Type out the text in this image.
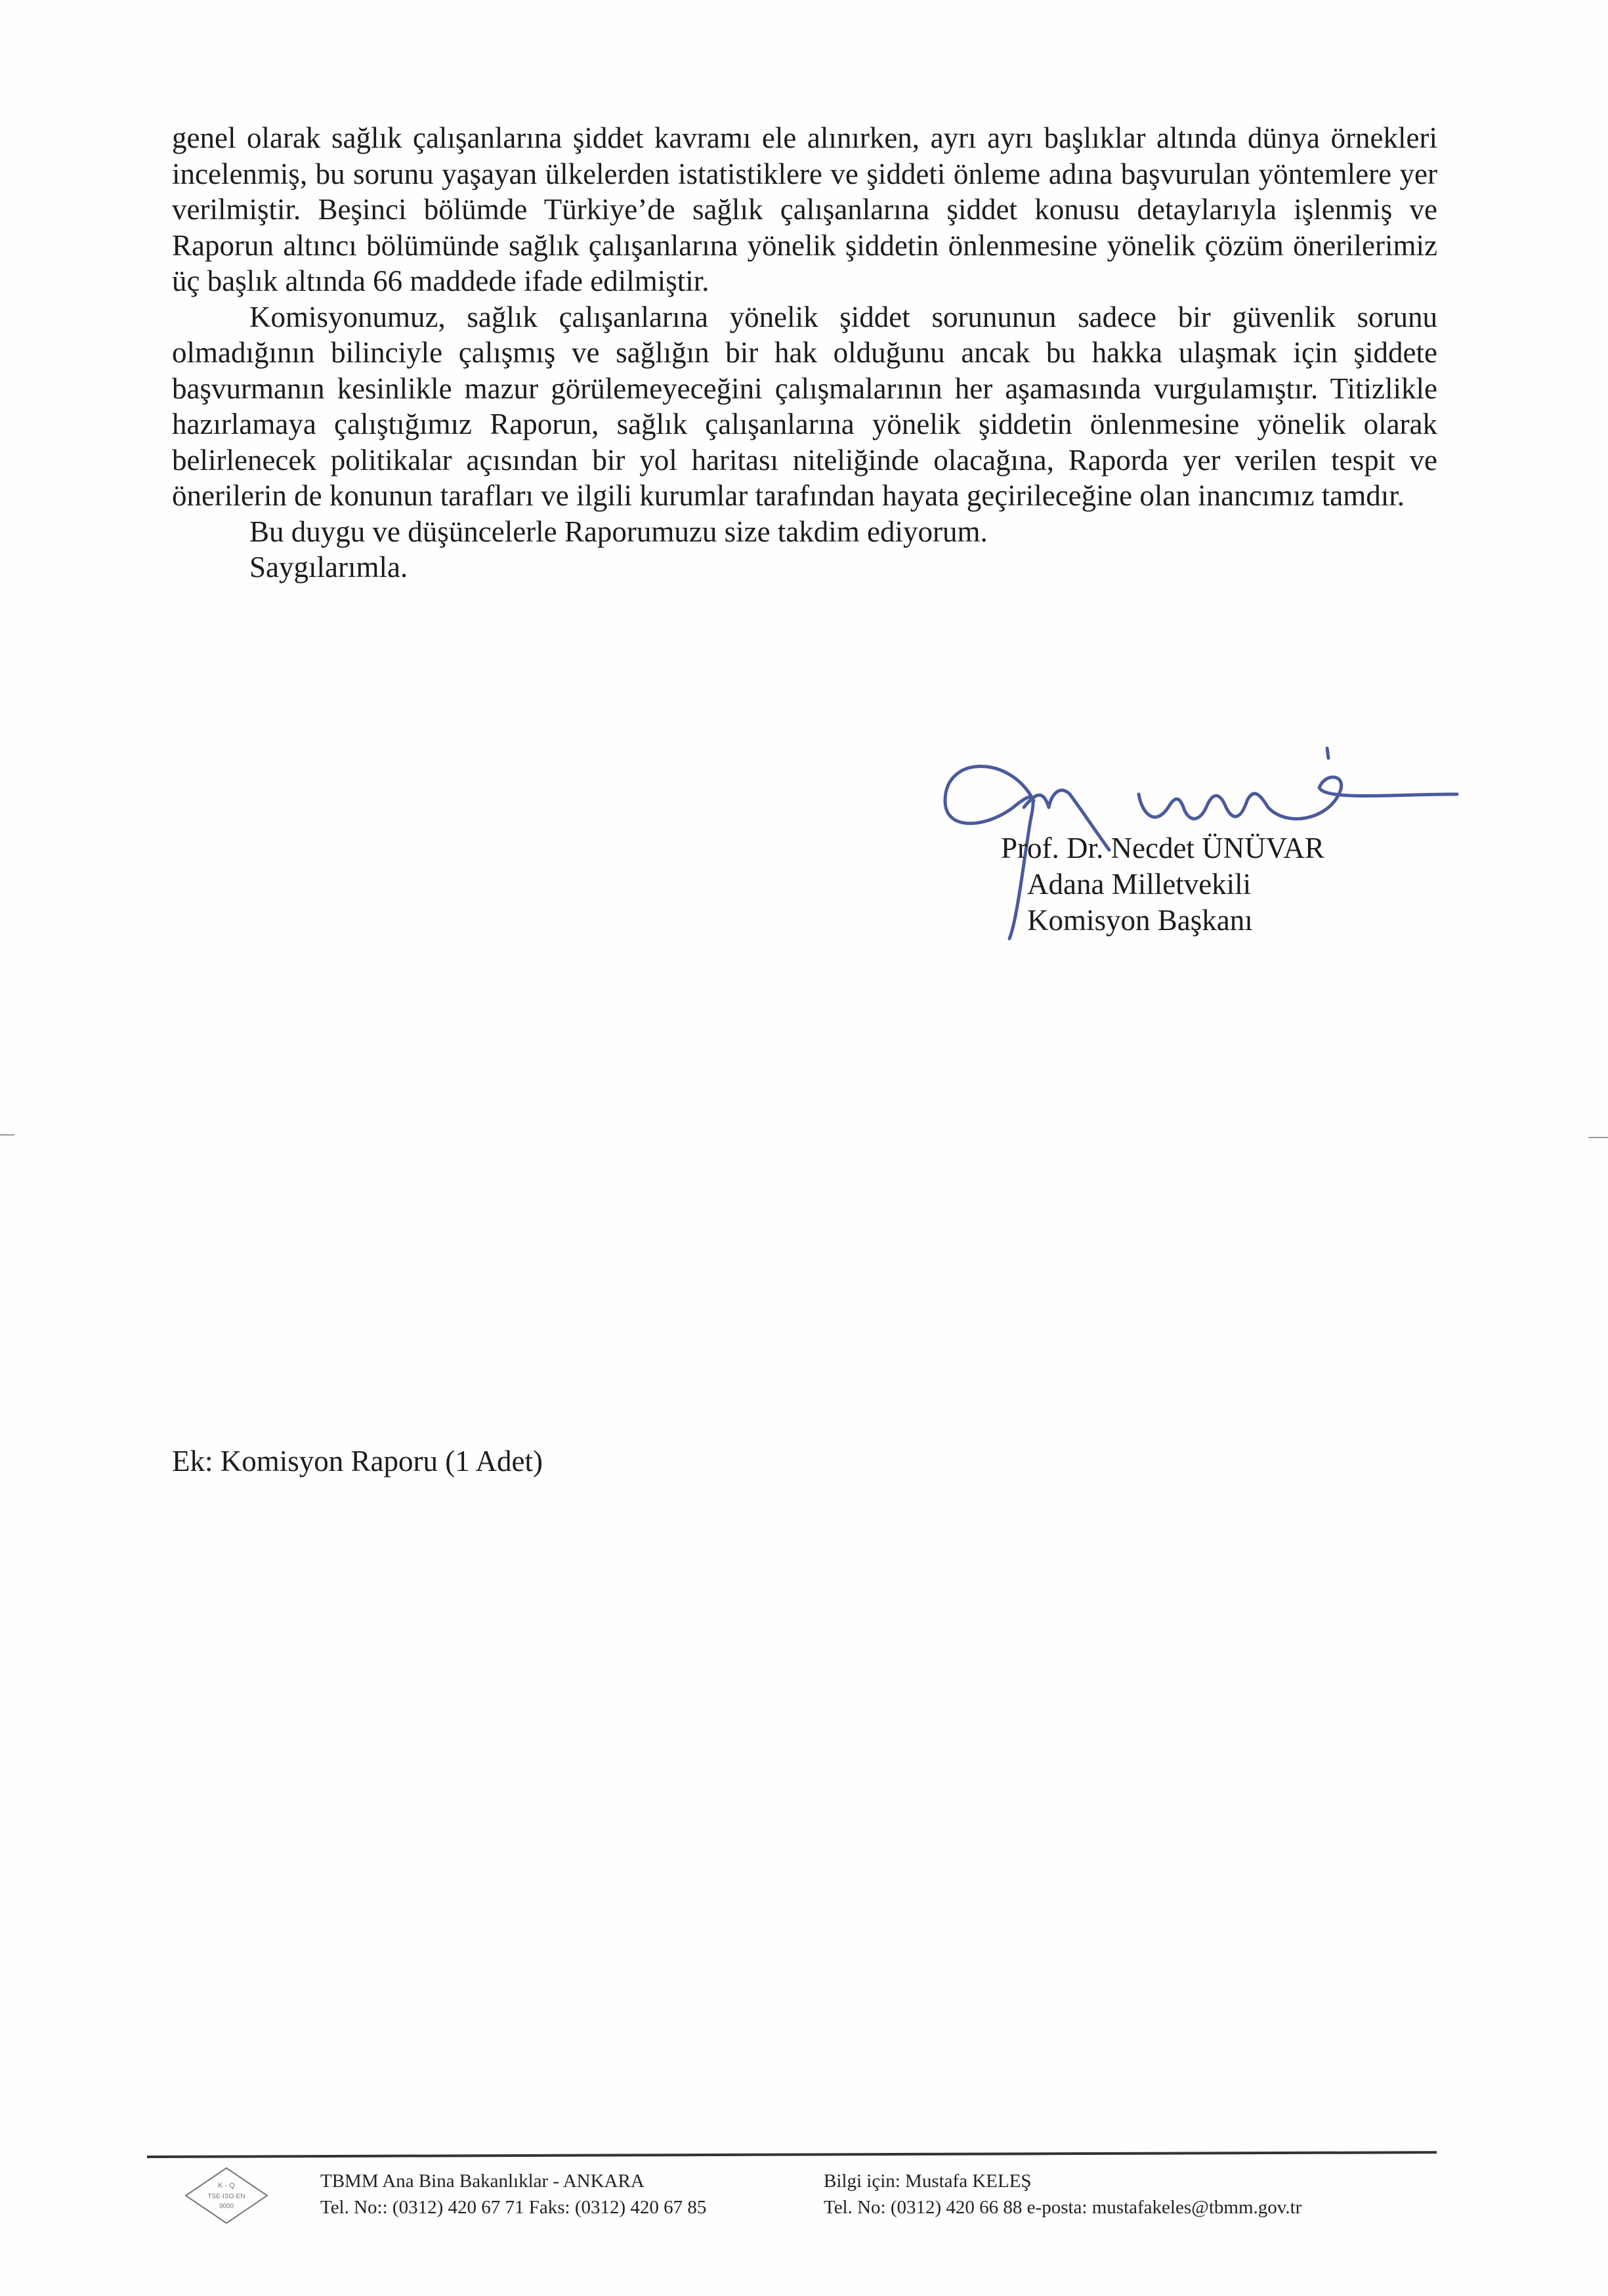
genel olarak sağlık çalışanlarına şiddet kavramı ele alınırken, ayrı ayrı başlıklar altında dünya örnekleri incelenmiş, bu sorunu yaşayan ülkelerden istatistiklere ve şiddeti önleme adına başvurulan yöntemlere yer verilmiştir. Beşinci bölümde Türkiye’de sağlık çalışanlarına şiddet konusu detaylarıyla işlenmiş ve Raporun altıncı bölümünde sağlık çalışanlarına yönelik şiddetin önlenmesine yönelik çözüm önerilerimiz üç başlık altında 66 maddede ifade edilmiştir.

Komisyonumuz, sağlık çalışanlarına yönelik şiddet sorununun sadece bir güvenlik sorunu olmadığının bilinciyle çalışmış ve sağlığın bir hak olduğunu ancak bu hakka ulaşmak için şiddete başvurmanın kesinlikle mazur görülemeyeceğini çalışmalarının her aşamasında vurgulamıştır. Titizlikle hazırlamaya çalıştığımız Raporun, sağlık çalışanlarına yönelik şiddetin önlenmesine yönelik olarak belirlenecek politikalar açısından bir yol haritası niteliğinde olacağına, Raporda yer verilen tespit ve önerilerin de konunun tarafları ve ilgili kurumlar tarafından hayata geçirileceğine olan inancımız tamdır.

Bu duygu ve düşüncelerle Raporumuzu size takdim ediyorum.

Saygılarımla.

Prof. Dr. Necdet ÜNÜVAR
Adana Milletvekili
Komisyon Başkanı
Ek: Komisyon Raporu (1 Adet)
K - Q
TSE-ISO-EN
9000
TBMM Ana Bina Bakanlıklar - ANKARA
Tel. No:: (0312) 420 67 71 Faks: (0312) 420 67 85
Bilgi için: Mustafa KELEŞ
Tel. No: (0312) 420 66 88 e-posta: mustafakeles@tbmm.gov.tr
